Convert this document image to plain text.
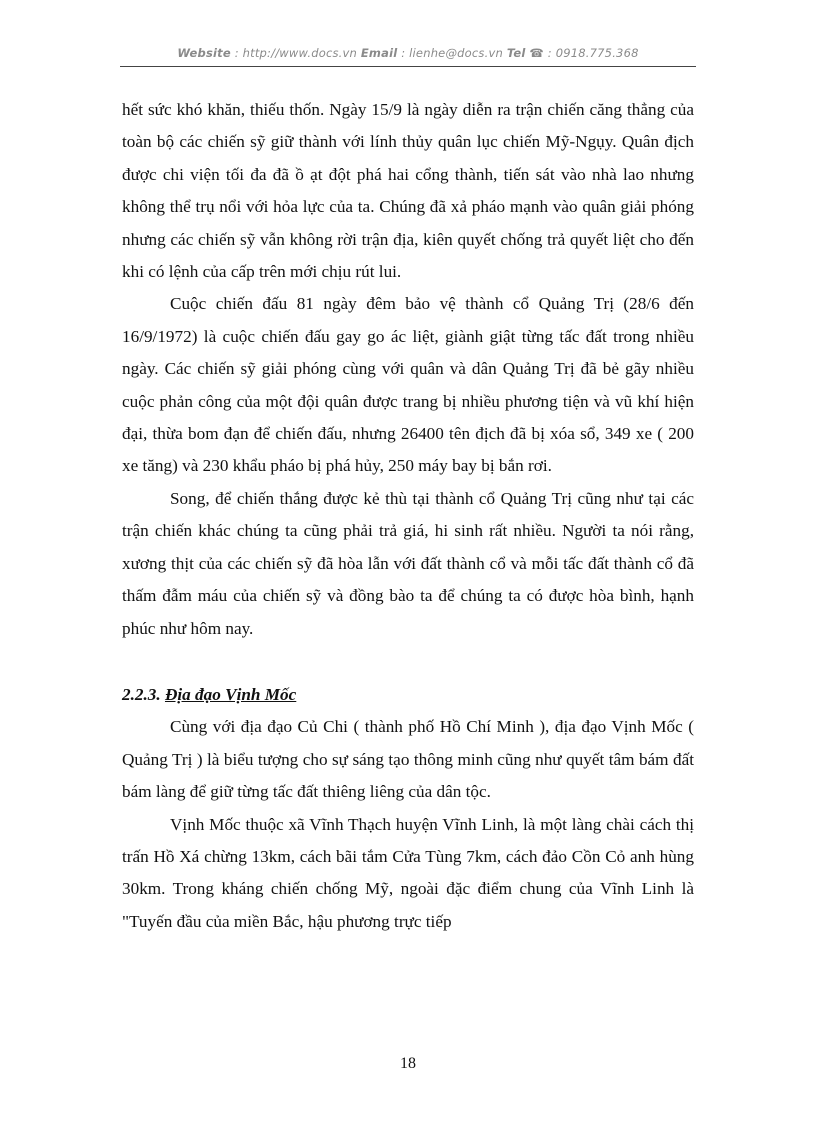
Website : http://www.docs.vn Email : lienhe@docs.vn Tel ☎ : 0918.775.368

hết sức khó khăn, thiếu thốn. Ngày 15/9 là ngày diễn ra trận chiến căng thẳng của toàn bộ các chiến sỹ giữ thành với lính thủy quân lục chiến Mỹ-Ngụy. Quân địch được chi viện tối đa đã ồ ạt đột phá hai cổng thành, tiến sát vào nhà lao nhưng không thể trụ nổi với hỏa lực của ta. Chúng đã xả pháo mạnh vào quân giải phóng nhưng các chiến sỹ vẫn không rời trận địa, kiên quyết chống trả quyết liệt cho đến khi có lệnh của cấp trên mới chịu rút lui.

Cuộc chiến đấu 81 ngày đêm bảo vệ thành cổ Quảng Trị (28/6 đến 16/9/1972) là cuộc chiến đấu gay go ác liệt, giành giật từng tấc đất trong nhiều ngày. Các chiến sỹ giải phóng cùng với quân và dân Quảng Trị đã bẻ gãy nhiều cuộc phản công của một đội quân được trang bị nhiều phương tiện và vũ khí hiện đại, thừa bom đạn để chiến đấu, nhưng 26400 tên địch đã bị xóa sổ, 349 xe ( 200 xe tăng) và 230 khẩu pháo bị phá hủy, 250 máy bay bị bắn rơi.

Song, để chiến thắng được kẻ thù tại thành cổ Quảng Trị cũng như tại các trận chiến khác chúng ta cũng phải trả giá, hi sinh rất nhiều. Người ta nói rằng, xương thịt của các chiến sỹ đã hòa lẫn với đất thành cổ và mỗi tấc đất thành cổ đã thấm đẫm máu của chiến sỹ và đồng bào ta để chúng ta có được hòa bình, hạnh phúc như hôm nay.

2.2.3. Địa đạo Vịnh Mốc

Cùng với địa đạo Củ Chi ( thành phố Hồ Chí Minh ), địa đạo Vịnh Mốc ( Quảng Trị ) là biểu tượng cho sự sáng tạo thông minh cũng như quyết tâm bám đất bám làng để giữ từng tấc đất thiêng liêng của dân tộc.

Vịnh Mốc thuộc xã Vĩnh Thạch huyện Vĩnh Linh, là một làng chài cách thị trấn Hồ Xá chừng 13km, cách bãi tắm Cửa Tùng 7km, cách đảo Cồn Cỏ anh hùng 30km. Trong kháng chiến chống Mỹ, ngoài đặc điểm chung của Vĩnh Linh là "Tuyến đầu của miền Bắc, hậu phương trực tiếp

18
